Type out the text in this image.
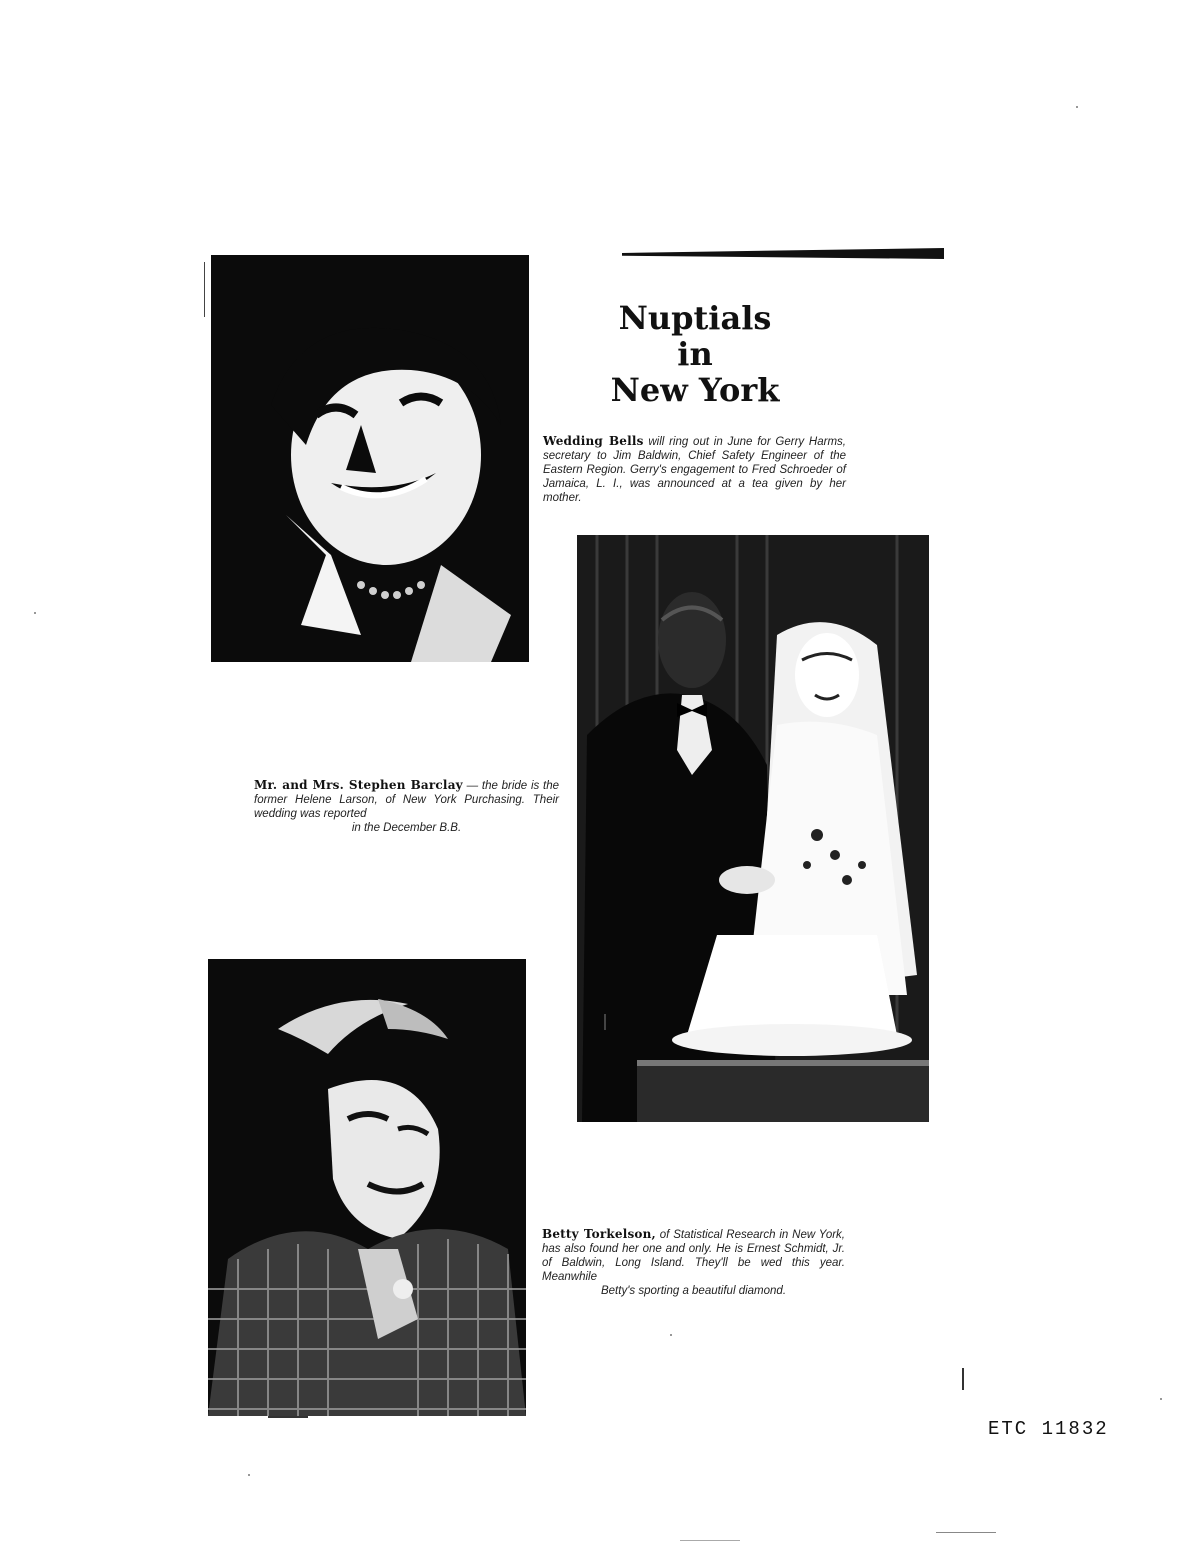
Nuptials
in
New York
Wedding Bells will ring out in June for Gerry Harms, secretary to Jim Baldwin, Chief Safety Engineer of the Eastern Region. Gerry's engagement to Fred Schroeder of Jamaica, L. I., was announced at a tea given by her mother.
Mr. and Mrs. Stephen Barclay — the bride is the former Helene Larson, of New York Purchasing. Their wedding was reported
in the December B.B.
Betty Torkelson, of Statistical Research in New York, has also found her one and only. He is Ernest Schmidt, Jr. of Baldwin, Long Island. They'll be wed this year. Meanwhile
Betty's sporting a beautiful diamond.
ETC 11832
